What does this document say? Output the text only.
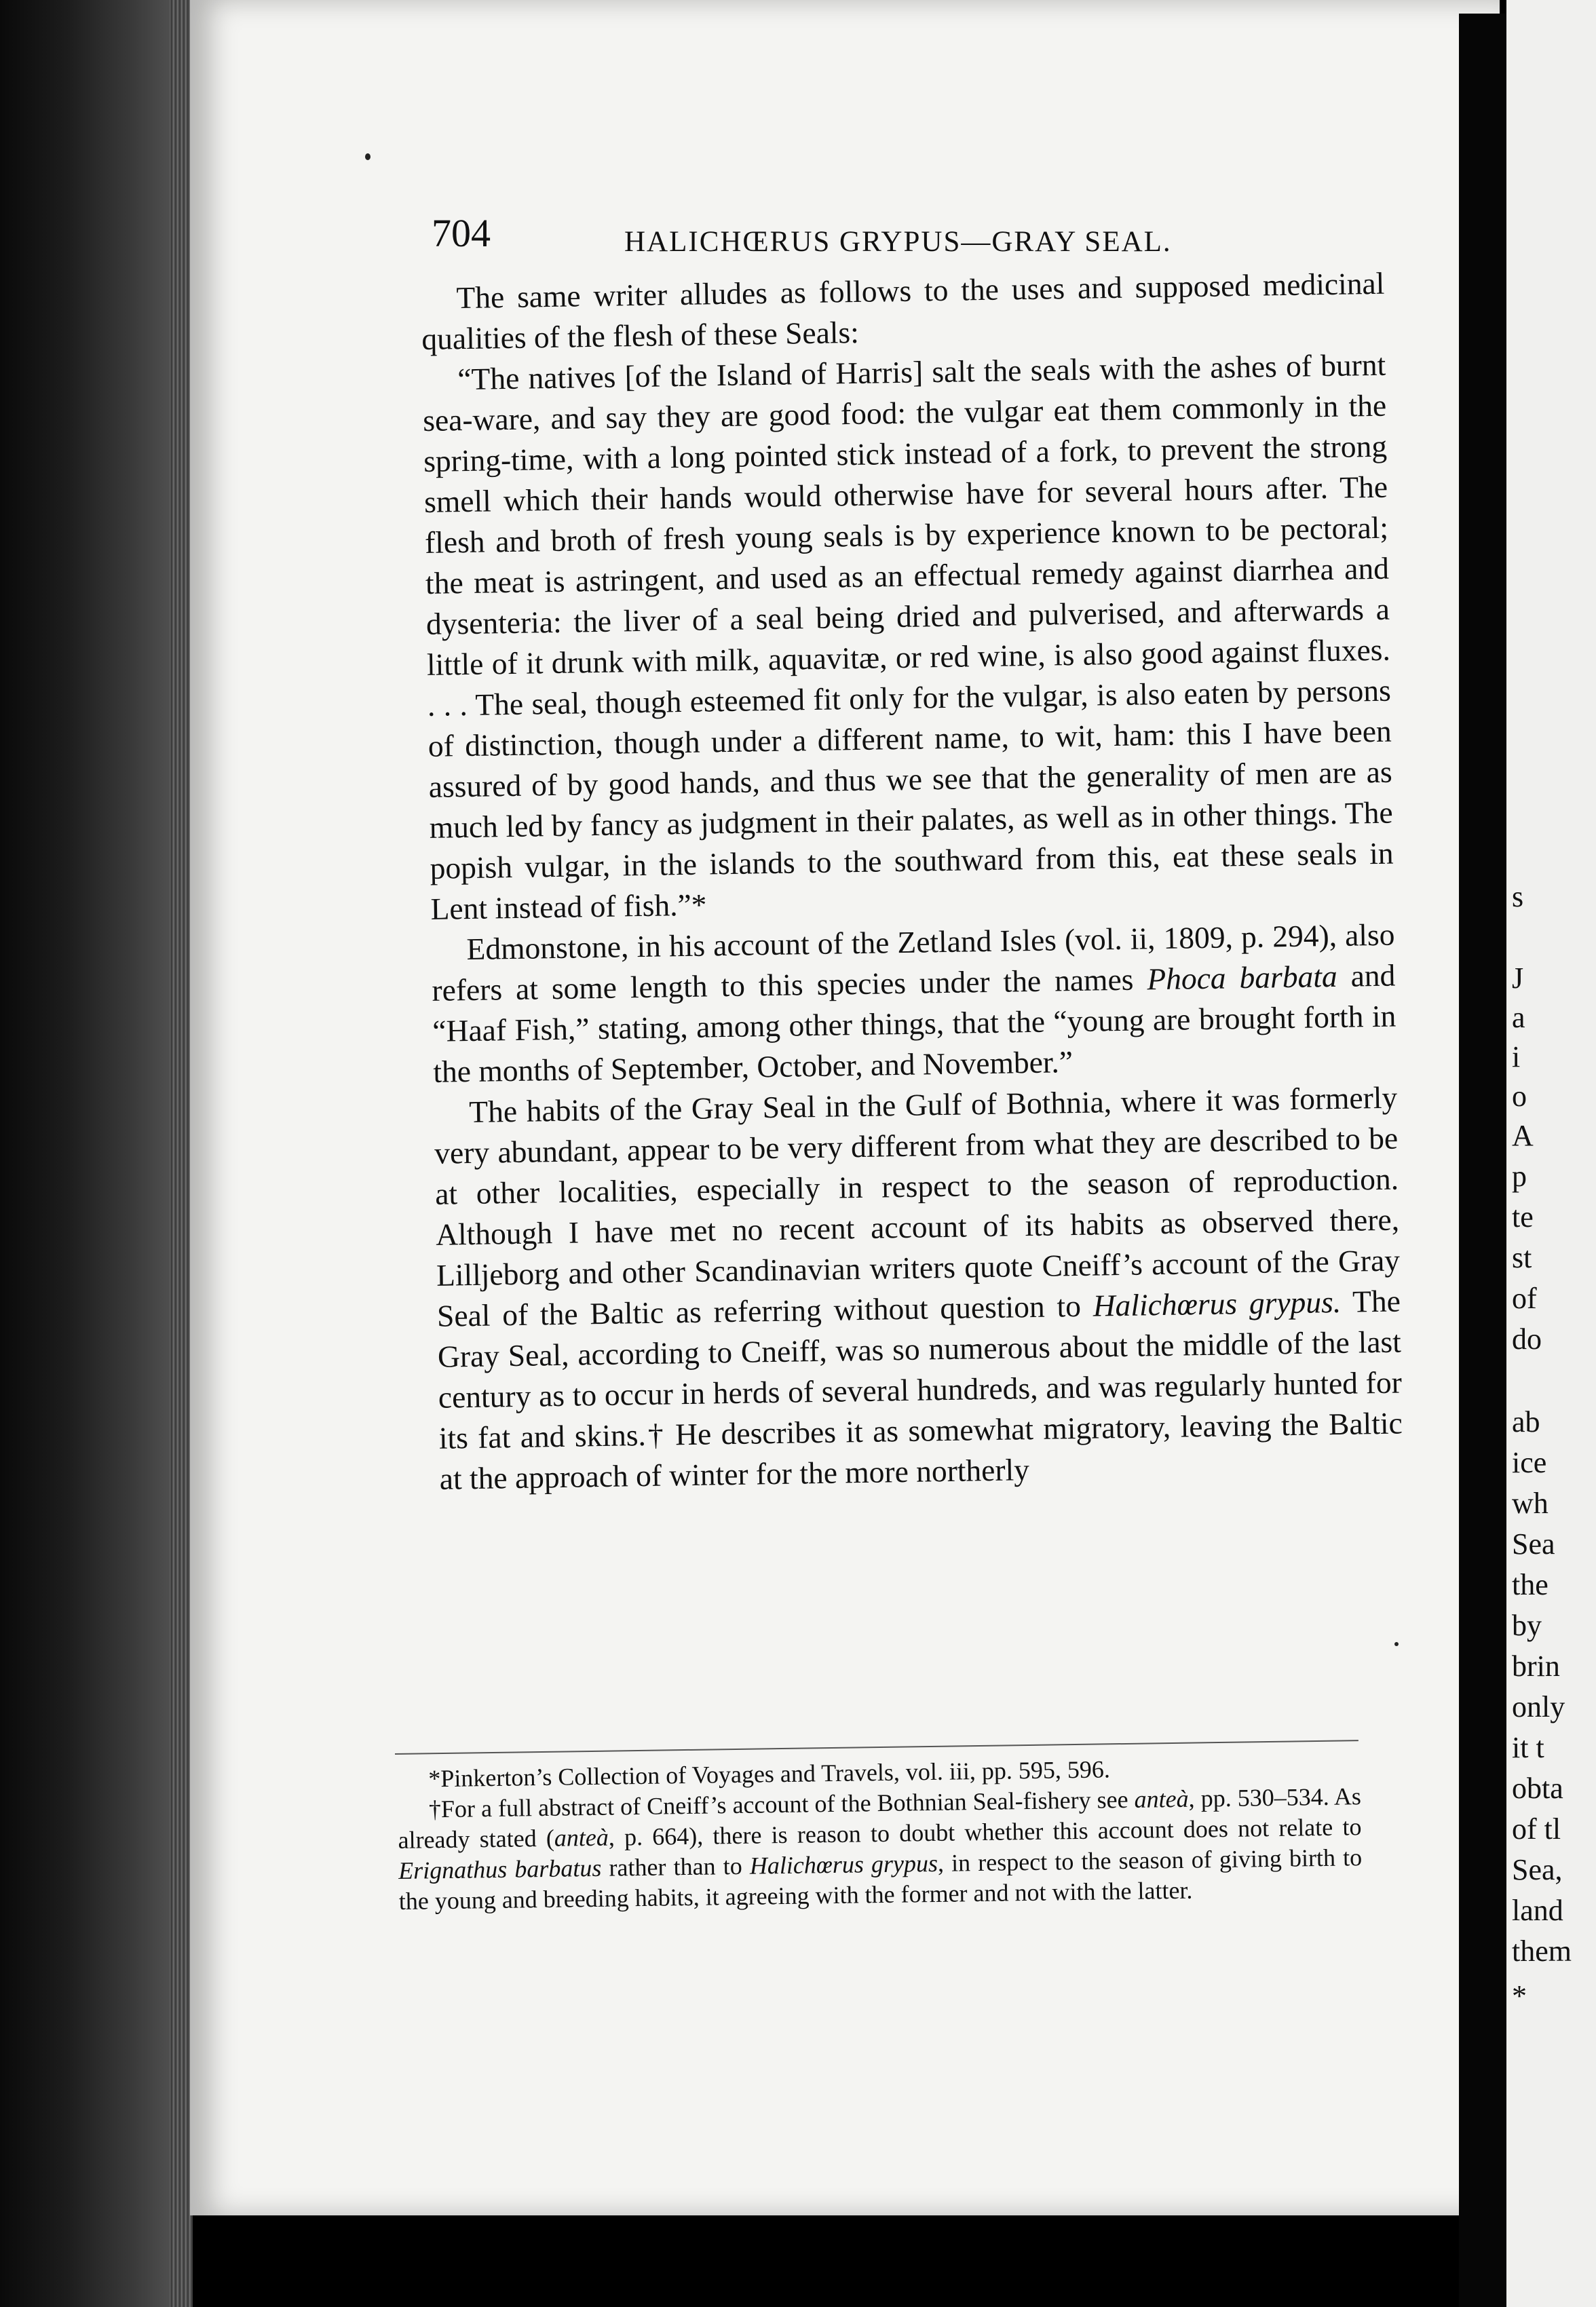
s
J
a
i
o
A
p
te
st
of
do
ab
ice
wh
Sea
the
by
brin
only
it t
obta
of tl
Sea,
land
them
*
704	HALICHŒRUS GRYPUS—GRAY SEAL.

The same writer alludes as follows to the uses and supposed medicinal qualities of the flesh of these Seals:

“The natives [of the Island of Harris] salt the seals with the ashes of burnt sea-ware, and say they are good food: the vulgar eat them commonly in the spring-time, with a long pointed stick instead of a fork, to prevent the strong smell which their hands would otherwise have for several hours after. The flesh and broth of fresh young seals is by experience known to be pectoral; the meat is astringent, and used as an effectual remedy against diarrhea and dysenteria: the liver of a seal being dried and pulverised, and afterwards a little of it drunk with milk, aquavitæ, or red wine, is also good against fluxes. . . . The seal, though esteemed fit only for the vulgar, is also eaten by persons of distinction, though under a different name, to wit, ham: this I have been assured of by good hands, and thus we see that the generality of men are as much led by fancy as judgment in their palates, as well as in other things. The popish vulgar, in the islands to the southward from this, eat these seals in Lent instead of fish.”*

Edmonstone, in his account of the Zetland Isles (vol. ii, 1809, p. 294), also refers at some length to this species under the names Phoca barbata and “Haaf Fish,” stating, among other things, that the “young are brought forth in the months of September, October, and November.”

The habits of the Gray Seal in the Gulf of Bothnia, where it was formerly very abundant, appear to be very different from what they are described to be at other localities, especially in respect to the season of reproduction. Although I have met no recent account of its habits as observed there, Lilljeborg and other Scandinavian writers quote Cneiff’s account of the Gray Seal of the Baltic as referring without question to Halichœrus grypus. The Gray Seal, according to Cneiff, was so numerous about the middle of the last century as to occur in herds of several hundreds, and was regularly hunted for its fat and skins.† He describes it as somewhat migratory, leaving the Baltic at the approach of winter for the more northerly

*Pinkerton’s Collection of Voyages and Travels, vol. iii, pp. 595, 596.

†For a full abstract of Cneiff’s account of the Bothnian Seal-fishery see anteà, pp. 530–534. As already stated (anteà, p. 664), there is reason to doubt whether this account does not relate to Erignathus barbatus rather than to Halichœrus grypus, in respect to the season of giving birth to the young and breeding habits, it agreeing with the former and not with the latter.
